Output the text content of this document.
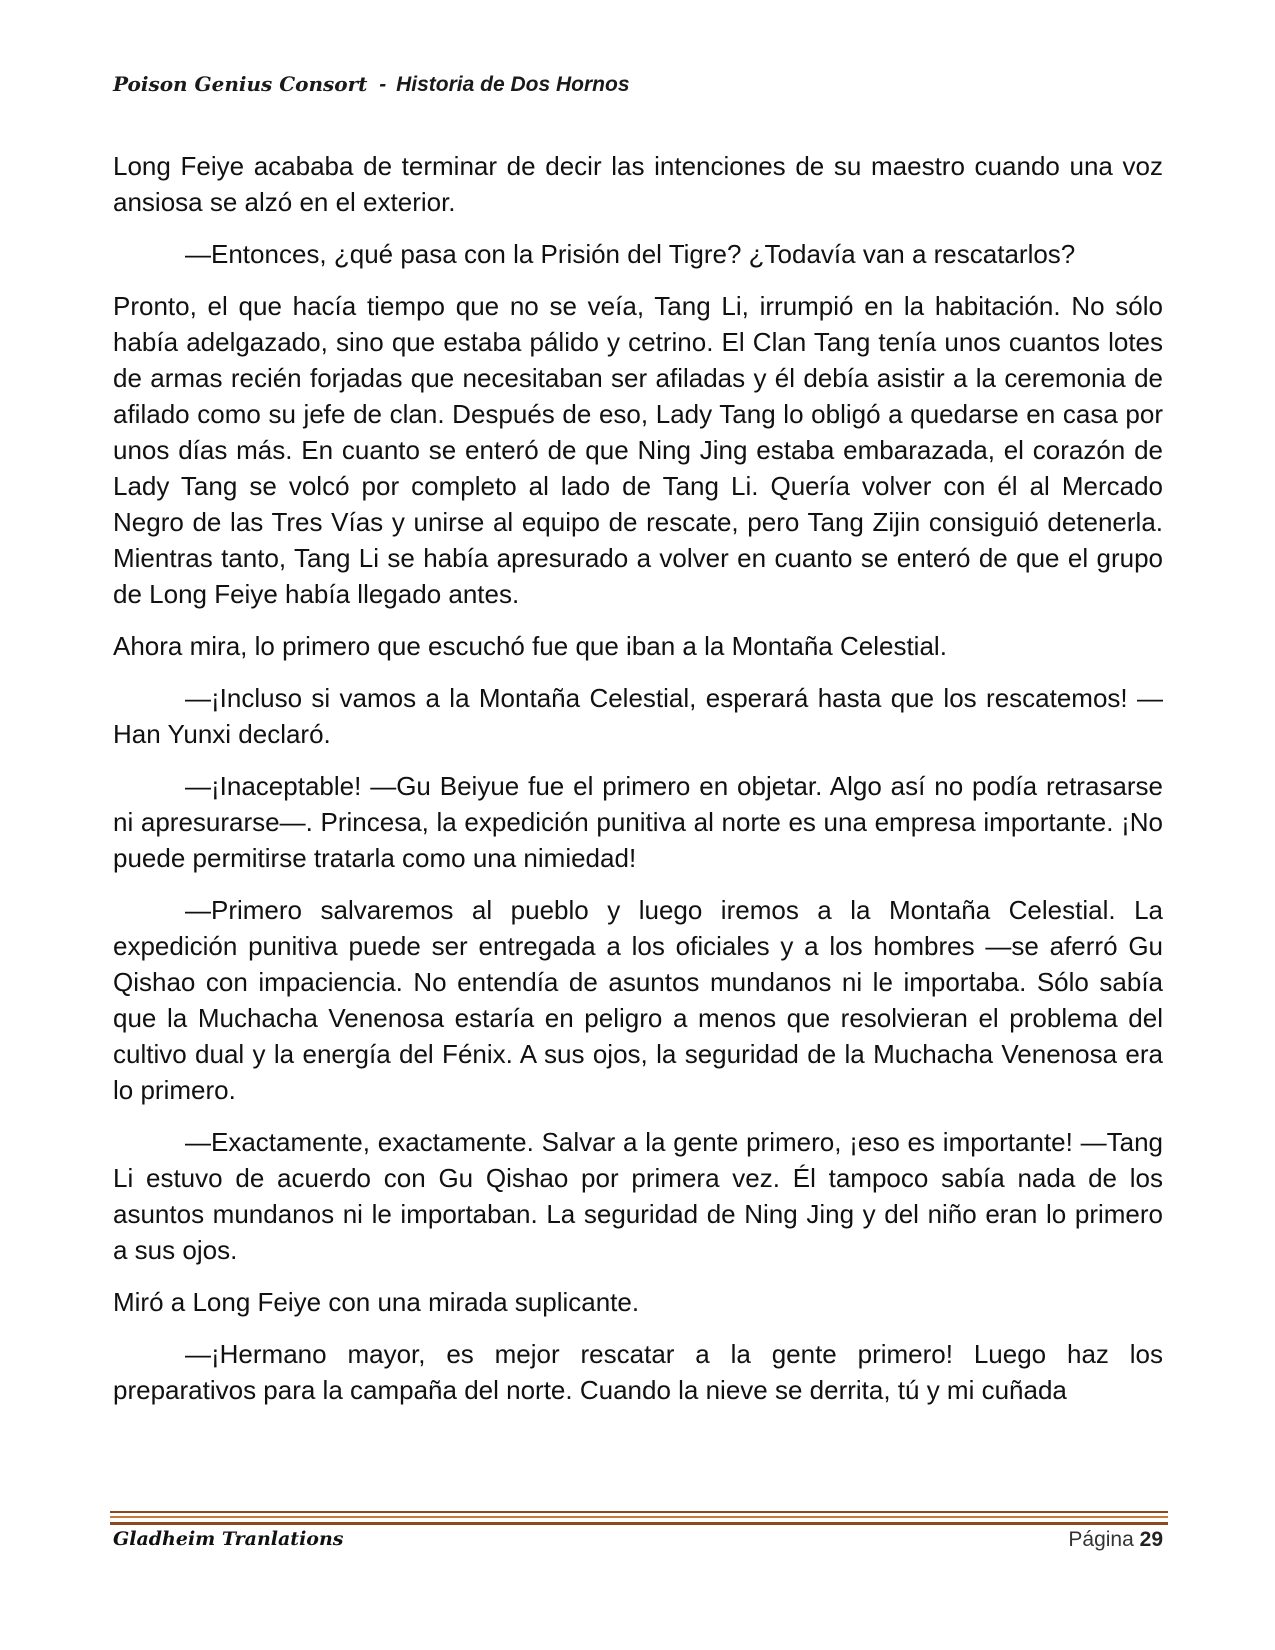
Poison Genius Consort - Historia de Dos Hornos

Long Feiye acababa de terminar de decir las intenciones de su maestro cuando una voz ansiosa se alzó en el exterior.

—Entonces, ¿qué pasa con la Prisión del Tigre? ¿Todavía van a rescatarlos?

Pronto, el que hacía tiempo que no se veía, Tang Li, irrumpió en la habitación. No sólo había adelgazado, sino que estaba pálido y cetrino. El Clan Tang tenía unos cuantos lotes de armas recién forjadas que necesitaban ser afiladas y él debía asistir a la ceremonia de afilado como su jefe de clan. Después de eso, Lady Tang lo obligó a quedarse en casa por unos días más. En cuanto se enteró de que Ning Jing estaba embarazada, el corazón de Lady Tang se volcó por completo al lado de Tang Li. Quería volver con él al Mercado Negro de las Tres Vías y unirse al equipo de rescate, pero Tang Zijin consiguió detenerla. Mientras tanto, Tang Li se había apresurado a volver en cuanto se enteró de que el grupo de Long Feiye había llegado antes.

Ahora mira, lo primero que escuchó fue que iban a la Montaña Celestial.

—¡Incluso si vamos a la Montaña Celestial, esperará hasta que los rescatemos! —Han Yunxi declaró.

—¡Inaceptable! —Gu Beiyue fue el primero en objetar. Algo así no podía retrasarse ni apresurarse—. Princesa, la expedición punitiva al norte es una empresa importante. ¡No puede permitirse tratarla como una nimiedad!

—Primero salvaremos al pueblo y luego iremos a la Montaña Celestial. La expedición punitiva puede ser entregada a los oficiales y a los hombres —se aferró Gu Qishao con impaciencia. No entendía de asuntos mundanos ni le importaba. Sólo sabía que la Muchacha Venenosa estaría en peligro a menos que resolvieran el problema del cultivo dual y la energía del Fénix. A sus ojos, la seguridad de la Muchacha Venenosa era lo primero.

—Exactamente, exactamente. Salvar a la gente primero, ¡eso es importante! —Tang Li estuvo de acuerdo con Gu Qishao por primera vez. Él tampoco sabía nada de los asuntos mundanos ni le importaban. La seguridad de Ning Jing y del niño eran lo primero a sus ojos.

Miró a Long Feiye con una mirada suplicante.

—¡Hermano mayor, es mejor rescatar a la gente primero! Luego haz los preparativos para la campaña del norte. Cuando la nieve se derrita, tú y mi cuñada

Gladheim Tranlations	Página 29
